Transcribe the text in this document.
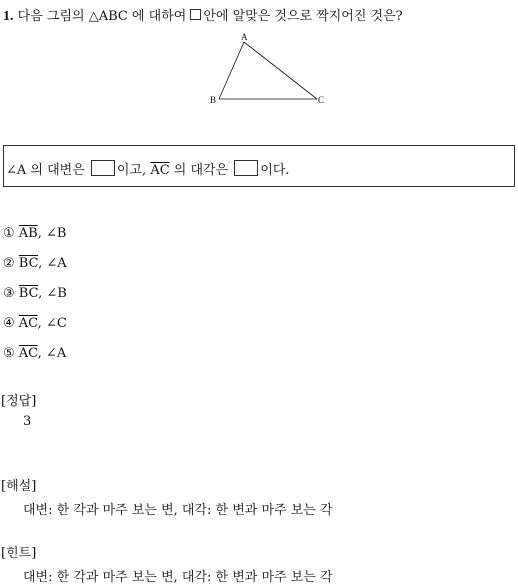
1. 다음 그림의 △ABC 에 대하여 안에 알맞은 것으로 짝지어진 것은?
A
B	C
∠A 의 대변은 이고, $\overline{AC}$ 의 대각은 이다.
① $\overline{AB}$, ∠B
② $\overline{BC}$, ∠A
③ $\overline{BC}$, ∠B
④ $\overline{AC}$, ∠C
⑤ $\overline{AC}$, ∠A
[정답]
3
[해설]
대변: 한 각과 마주 보는 변, 대각: 한 변과 마주 보는 각
[힌트]
대변: 한 각과 마주 보는 변, 대각: 한 변과 마주 보는 각
